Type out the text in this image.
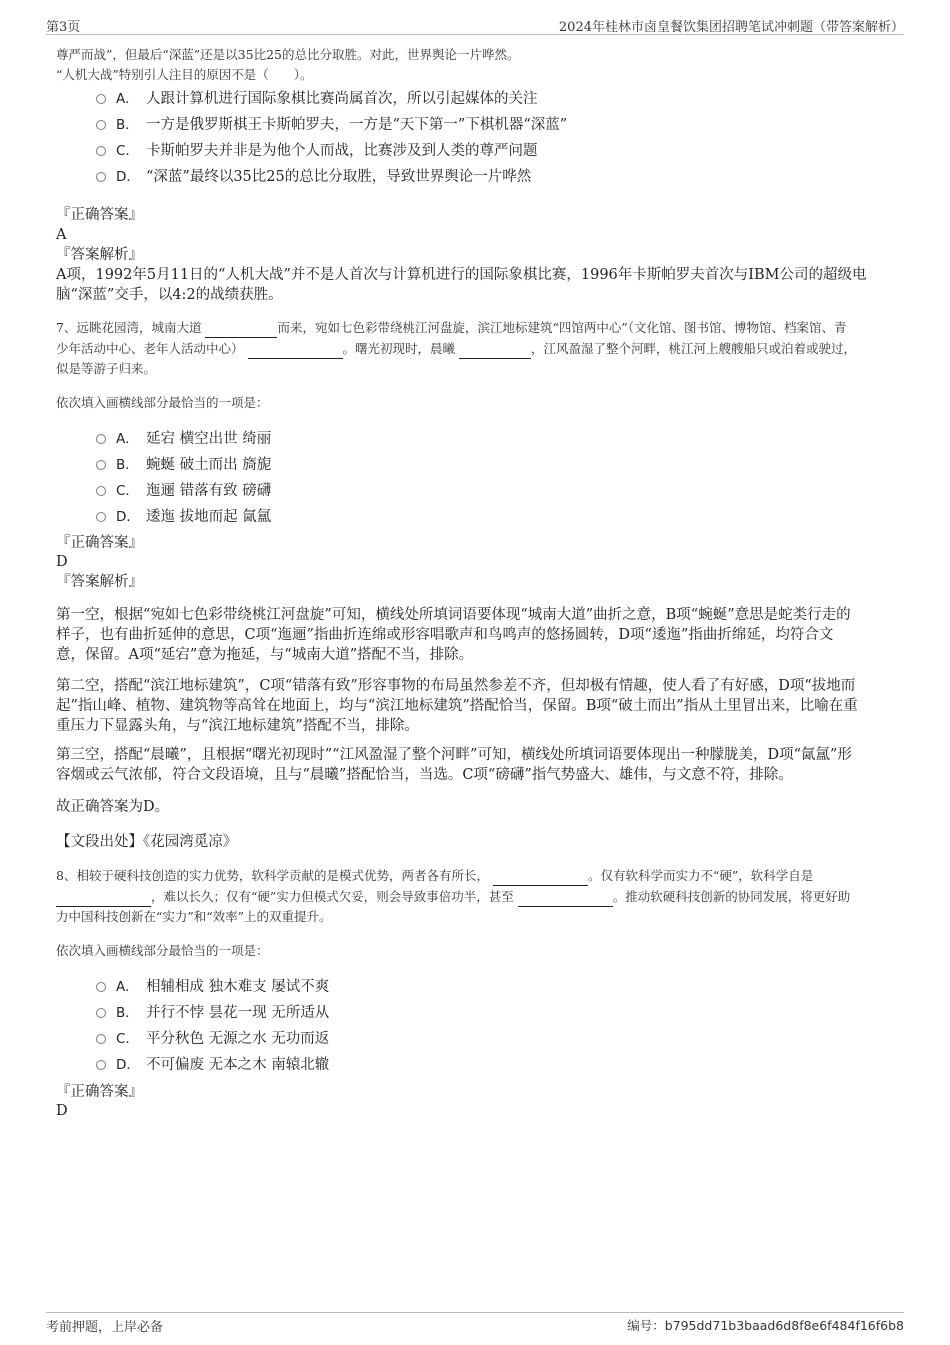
第3页	2024年桂林市卤皇餐饮集团招聘笔试冲刺题（带答案解析）
尊严而战”，但最后“深蓝”还是以35比25的总比分取胜。对此，世界舆论一片哗然。
“人机大战”特别引人注目的原因不是（　　）。
A． 人跟计算机进行国际象棋比赛尚属首次，所以引起媒体的关注
B． 一方是俄罗斯棋王卡斯帕罗夫，一方是“天下第一”下棋机器“深蓝”
C． 卡斯帕罗夫并非是为他个人而战，比赛涉及到人类的尊严问题
D． “深蓝”最终以35比25的总比分取胜，导致世界舆论一片哗然
『正确答案』
A
『答案解析』
A项，1992年5月11日的“人机大战”并不是人首次与计算机进行的国际象棋比赛，1996年卡斯帕罗夫首次与IBM公司的超级电
脑“深蓝”交手，以4:2的战绩获胜。
7、远眺花园湾，城南大道	而来，宛如七色彩带绕桃江河盘旋，滨江地标建筑“四馆两中心”（文化馆、图书馆、博物馆、档案馆、青
少年活动中心、老年人活动中心）	。曙光初现时，晨曦	，江风盈湿了整个河畔，桃江河上艘艘船只或泊着或驶过，
似是等游子归来。
依次填入画横线部分最恰当的一项是：
A． 延宕 横空出世 绮丽
B． 蜿蜒 破土而出 旖旎
C． 迤逦 错落有致 磅礴
D． 逶迤 拔地而起 氤氲
『正确答案』
D
『答案解析』
第一空，根据“宛如七色彩带绕桃江河盘旋”可知，横线处所填词语要体现“城南大道”曲折之意，B项“蜿蜒”意思是蛇类行走的
样子，也有曲折延伸的意思，C项“迤逦”指曲折连绵或形容唱歌声和鸟鸣声的悠扬圆转，D项“逶迤”指曲折绵延，均符合文
意，保留。A项“延宕”意为拖延，与“城南大道”搭配不当，排除。
第二空，搭配“滨江地标建筑”，C项“错落有致”形容事物的布局虽然参差不齐，但却极有情趣，使人看了有好感，D项“拔地而
起”指山峰、植物、建筑物等高耸在地面上，均与“滨江地标建筑”搭配恰当，保留。B项“破土而出”指从土里冒出来，比喻在重
重压力下显露头角，与“滨江地标建筑”搭配不当，排除。
第三空，搭配“晨曦”，且根据“曙光初现时”“江风盈湿了整个河畔”可知，横线处所填词语要体现出一种朦胧美，D项“氤氲”形
容烟或云气浓郁，符合文段语境，且与“晨曦”搭配恰当，当选。C项“磅礴”指气势盛大、雄伟，与文意不符，排除。
故正确答案为D。
【文段出处】《花园湾觅凉》
8、相较于硬科技创造的实力优势，软科学贡献的是模式优势，两者各有所长，	。仅有软科学而实力不“硬”，软科学自是
，难以长久；仅有“硬”实力但模式欠妥，则会导致事倍功半，甚至	。推动软硬科技创新的协同发展，将更好助
力中国科技创新在“实力”和“效率”上的双重提升。
依次填入画横线部分最恰当的一项是：
A． 相辅相成 独木难支 屡试不爽
B． 并行不悖 昙花一现 无所适从
C． 平分秋色 无源之水 无功而返
D． 不可偏废 无本之木 南辕北辙
『正确答案』
D
考前押题，上岸必备	编号：b795dd71b3baad6d8f8e6f484f16f6b8
